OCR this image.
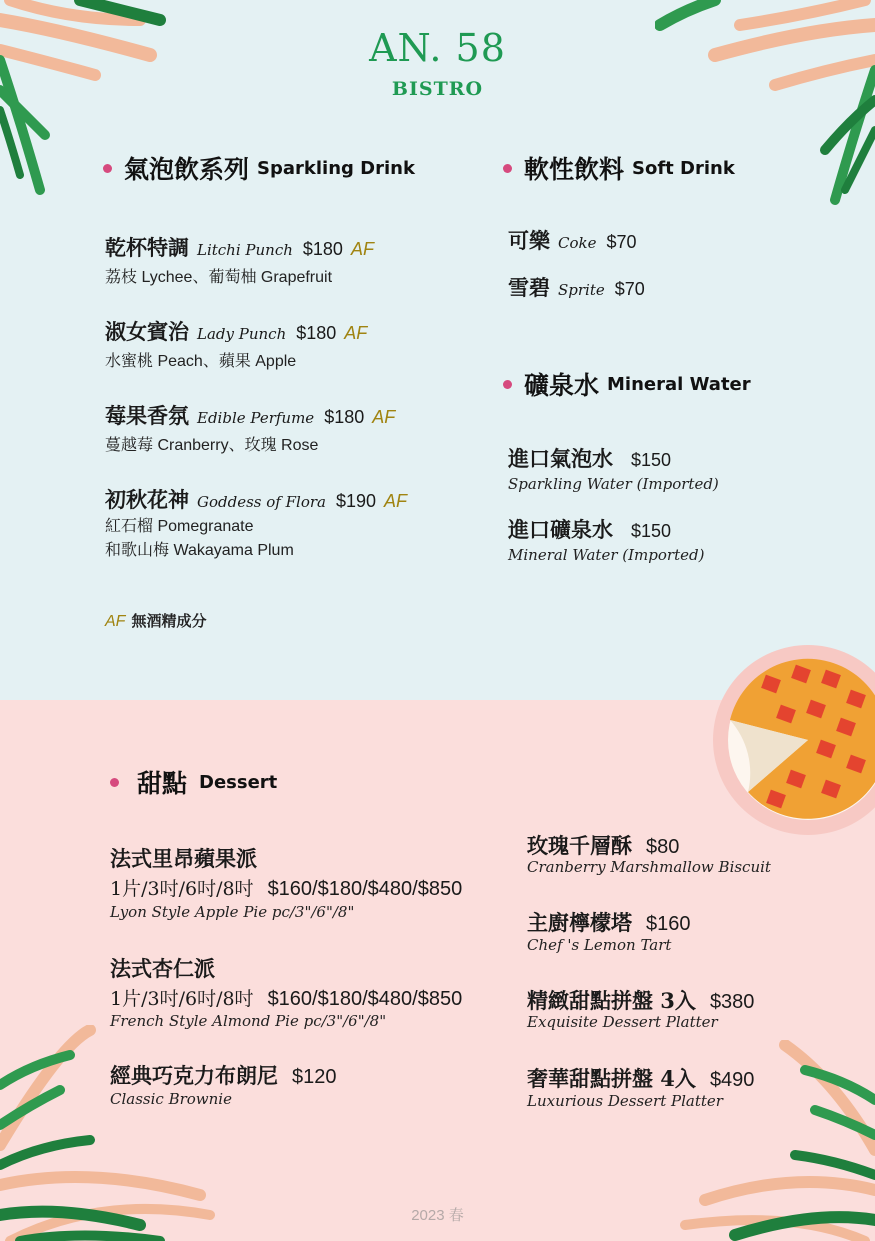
AN. 58
BISTRO
氣泡飲系列 Sparkling Drink
乾杯特調 Litchi Punch $180 AF
荔枝 Lychee、葡萄柚 Grapefruit
淑女賓治 Lady Punch $180 AF
水蜜桃 Peach、蘋果 Apple
莓果香氛 Edible Perfume $180 AF
蔓越莓 Cranberry、玫瑰 Rose
初秋花神 Goddess of Flora $190 AF
紅石榴 Pomegranate
和歌山梅 Wakayama Plum
AF 無酒精成分
軟性飲料 Soft Drink
可樂 Coke $70
雪碧 Sprite $70
礦泉水 Mineral Water
進口氣泡水 $150
Sparkling Water (Imported)
進口礦泉水 $150
Mineral Water (Imported)
甜點 Dessert
法式里昂蘋果派
1片/3吋/6吋/8吋 $160/$180/$480/$850
Lyon Style Apple Pie pc/3"/6"/8"
法式杏仁派
1片/3吋/6吋/8吋 $160/$180/$480/$850
French Style Almond Pie pc/3"/6"/8"
經典巧克力布朗尼 $120
Classic Brownie
玫瑰千層酥 $80
Cranberry Marshmallow Biscuit
主廚檸檬塔 $160
Chef 's Lemon Tart
精緻甜點拼盤 3入 $380
Exquisite Dessert Platter
奢華甜點拼盤 4入 $490
Luxurious Dessert Platter
2023 春
